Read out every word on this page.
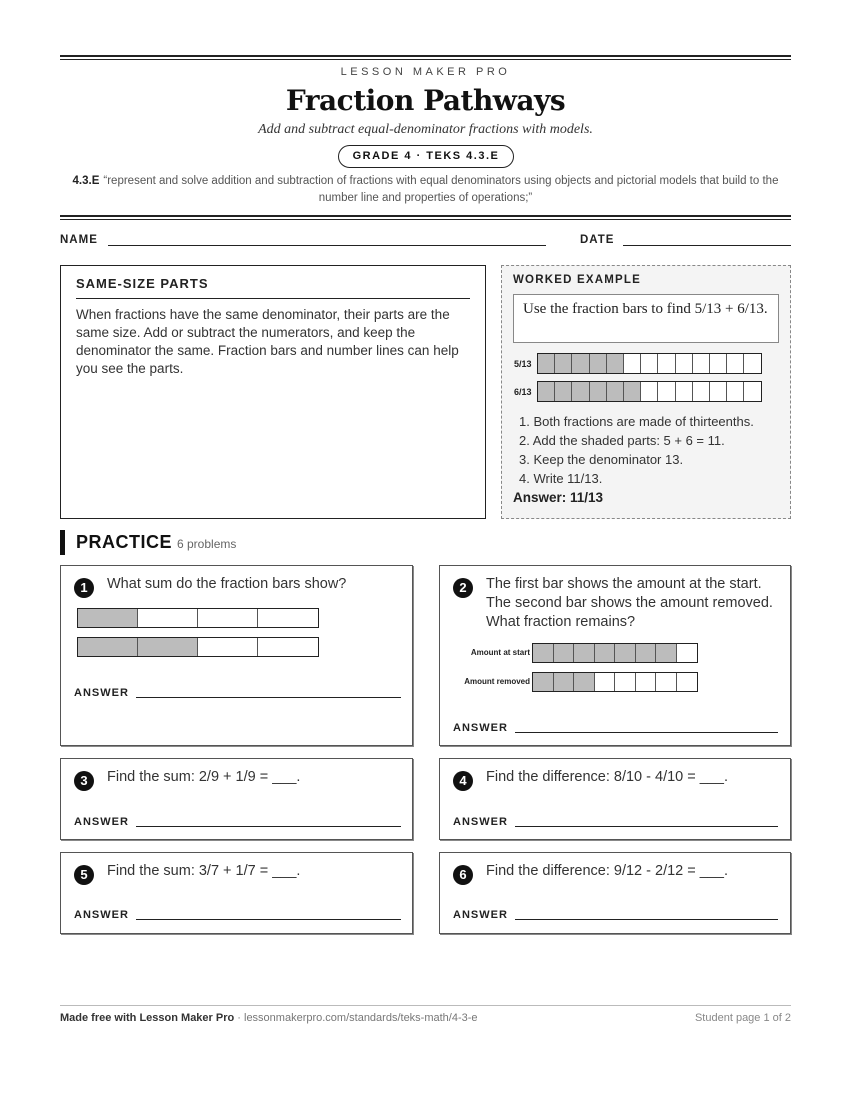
LESSON MAKER PRO
Fraction Pathways
Add and subtract equal-denominator fractions with models.
GRADE 4 · TEKS 4.3.E
4.3.E “represent and solve addition and subtraction of fractions with equal denominators using objects and pictorial models that build to the number line and properties of operations;”
NAME	DATE
SAME-SIZE PARTS
When fractions have the same denominator, their parts are the same size. Add or subtract the numerators, and keep the denominator the same. Fraction bars and number lines can help you see the parts.
WORKED EXAMPLE
Use the fraction bars to find 5/13 + 6/13.
5/13
6/13
1. Both fractions are made of thirteenths.
2. Add the shaded parts: 5 + 6 = 11.
3. Keep the denominator 13.
4. Write 11/13.
Answer: 11/13
PRACTICE 6 problems
1	What sum do the fraction bars show?
ANSWER
2	The first bar shows the amount at the start. The second bar shows the amount removed. What fraction remains?
Amount at start
Amount removed
ANSWER
3	Find the sum: 2/9 + 1/9 = ___.
ANSWER
4	Find the difference: 8/10 - 4/10 = ___.
ANSWER
5	Find the sum: 3/7 + 1/7 = ___.
ANSWER
6	Find the difference: 9/12 - 2/12 = ___.
ANSWER
Made free with Lesson Maker Pro · lessonmakerpro.com/standards/teks-math/4-3-e	Student page 1 of 2
